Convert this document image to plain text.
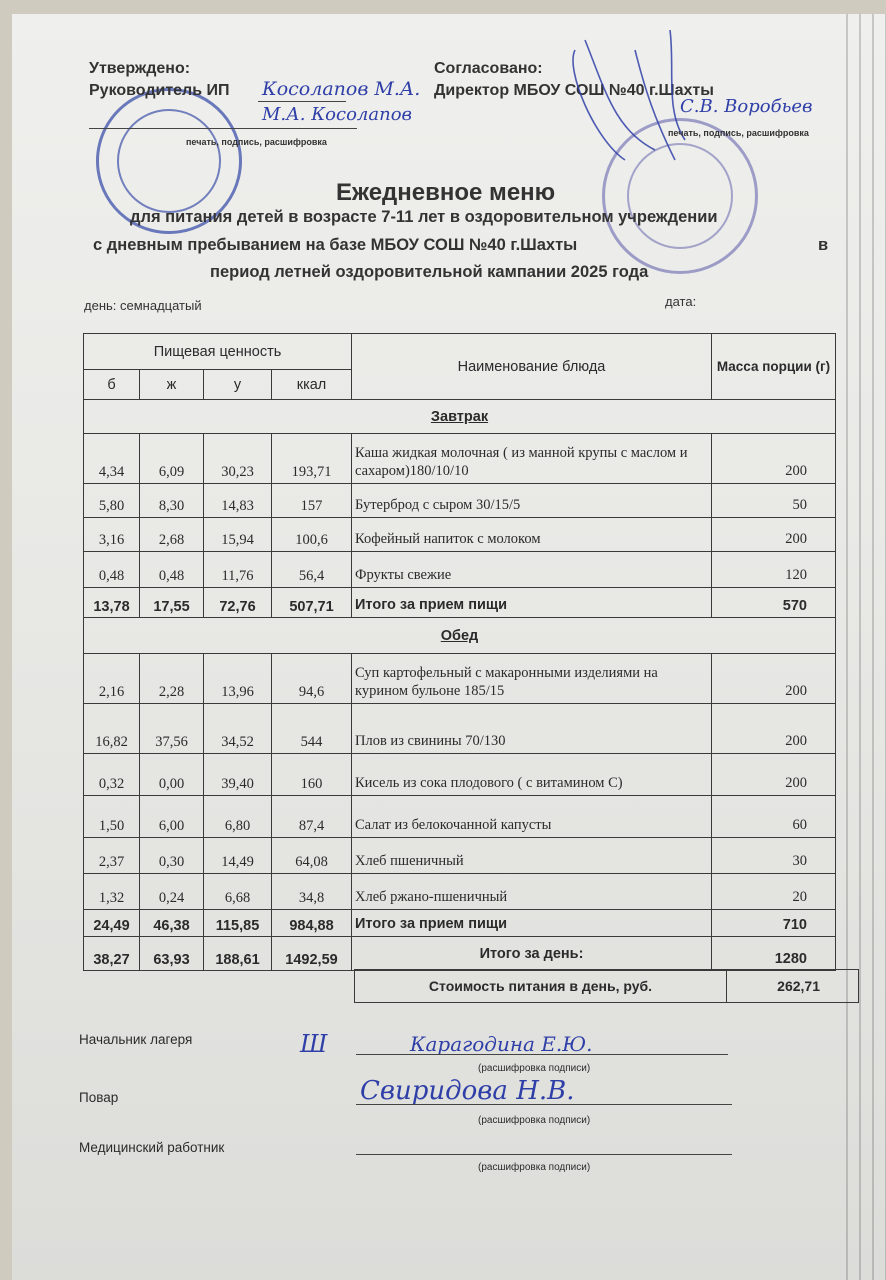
Утверждено:
Руководитель ИП Косолапов М.А.
М.А. Косолапов
печать, подпись, расшифровка
Согласовано:
Директор МБОУ СОШ №40 г.Шахты
С.В. Воробьев
печать, подпись, расшифровка
Ежедневное меню
для питания детей в возрасте 7-11 лет в оздоровительном учреждении
с дневным пребыванием на базе МБОУ СОШ №40 г.Шахты	в
период летней оздоровительной кампании 2025 года
день: семнадцатый	дата:
Пищевая ценность				Наименование блюда	Масса порции (г)
б	ж	у	ккал		
Завтрак					
4,34	6,09	30,23	193,71	Каша жидкая молочная ( из манной крупы с маслом и сахаром)180/10/10	200
5,80	8,30	14,83	157	Бутерброд с сыром 30/15/5	50
3,16	2,68	15,94	100,6	Кофейный напиток с молоком	200
0,48	0,48	11,76	56,4	Фрукты свежие	120
13,78	17,55	72,76	507,71	Итого за прием пищи	570
Обед					
2,16	2,28	13,96	94,6	Суп картофельный с макаронными изделиями на курином бульоне 185/15	200
16,82	37,56	34,52	544	Плов из свинины 70/130	200
0,32	0,00	39,40	160	Кисель из сока плодового ( с витамином С)	200
1,50	6,00	6,80	87,4	Салат из белокочанной капусты	60
2,37	0,30	14,49	64,08	Хлеб пшеничный	30
1,32	0,24	6,68	34,8	Хлеб ржано-пшеничный	20
24,49	46,38	115,85	984,88	Итого за прием пищи	710
38,27	63,93	188,61	1492,59	Итого за день:	1280
Стоимость питания в день, руб.	262,71
Начальник лагеря	Ш	Карагодина Е.Ю.
(расшифровка подписи)
Повар	Свиридова Н.В.
(расшифровка подписи)
Медицинский работник
(расшифровка подписи)
